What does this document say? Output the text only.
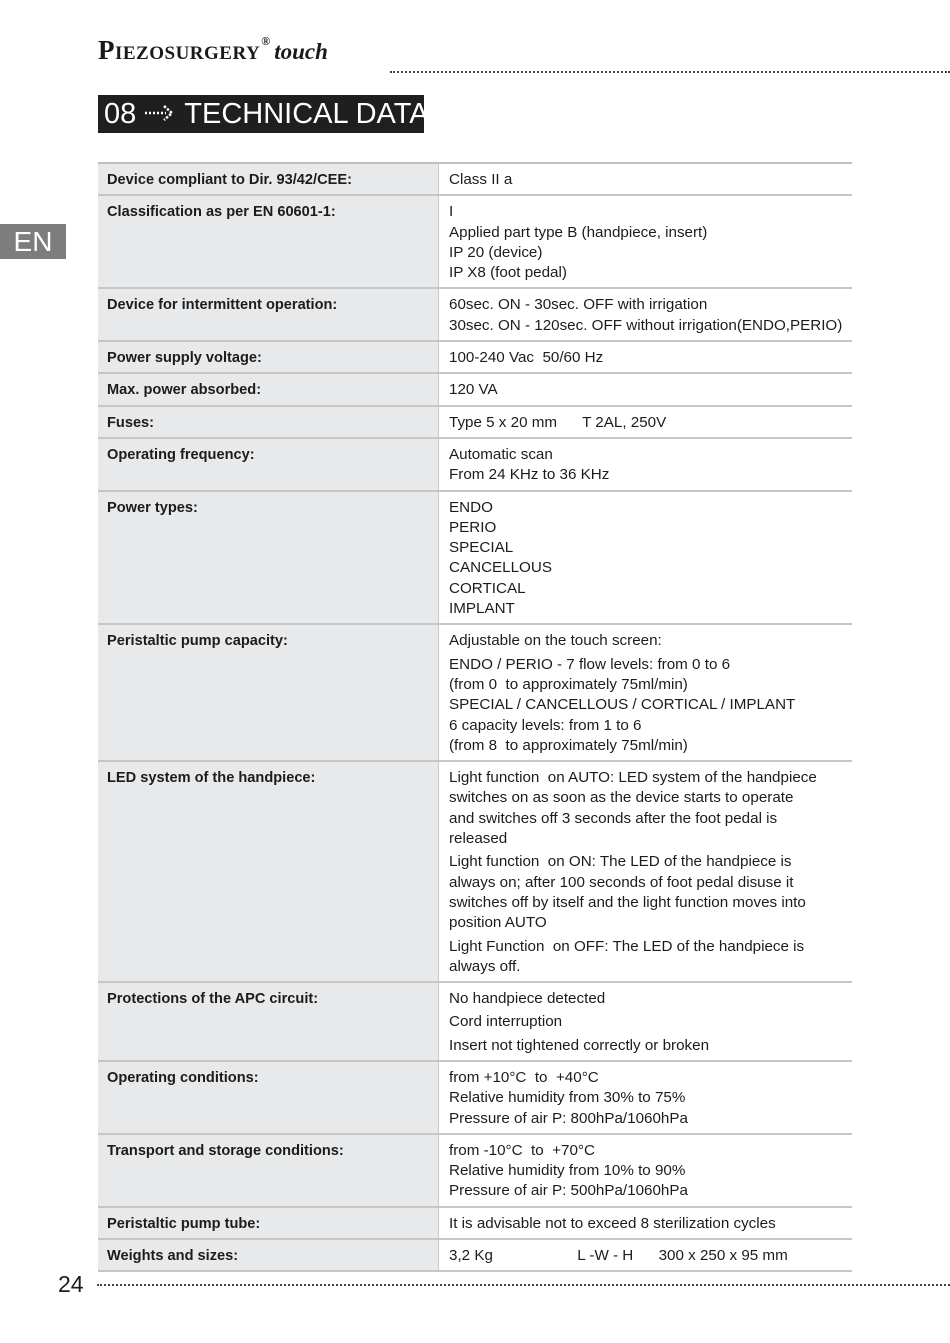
Piezosurgery® touch
08 TECHNICAL DATA
EN
Device compliant to Dir. 93/42/CEE:	Class II a
Classification as per EN 60601-1:	I
Applied part type B (handpiece, insert)
IP 20 (device)
IP X8 (foot pedal)
Device for intermittent operation:	60sec. ON - 30sec. OFF with irrigation
30sec. ON - 120sec. OFF without irrigation(ENDO,PERIO)
Power supply voltage:	100-240 Vac  50/60 Hz
Max. power absorbed:	120 VA
Fuses:	Type 5 x 20 mm      T 2AL, 250V
Operating frequency:	Automatic scan
From 24 KHz to 36 KHz
Power types:	ENDO
PERIO
SPECIAL
CANCELLOUS
CORTICAL
IMPLANT
Peristaltic pump capacity:	Adjustable on the touch screen:
ENDO / PERIO - 7 flow levels: from 0 to 6
(from 0  to approximately 75ml/min)
SPECIAL / CANCELLOUS / CORTICAL / IMPLANT
6 capacity levels: from 1 to 6
(from 8  to approximately 75ml/min)
LED system of the handpiece:	Light function  on AUTO: LED system of the handpiece
switches on as soon as the device starts to operate
and switches off 3 seconds after the foot pedal is
released
Light function  on ON: The LED of the handpiece is
always on; after 100 seconds of foot pedal disuse it
switches off by itself and the light function moves into
position AUTO
Light Function  on OFF: The LED of the handpiece is
always off.
Protections of the APC circuit:	No handpiece detected
Cord interruption
Insert not tightened correctly or broken
Operating conditions:	from +10°C  to  +40°C
Relative humidity from 30% to 75%
Pressure of air P: 800hPa/1060hPa
Transport and storage conditions:	from -10°C  to  +70°C
Relative humidity from 10% to 90%
Pressure of air P: 500hPa/1060hPa
Peristaltic pump tube:	It is advisable not to exceed 8 sterilization cycles
Weights and sizes:	3,2 Kg                    L -W - H      300 x 250 x 95 mm
24
